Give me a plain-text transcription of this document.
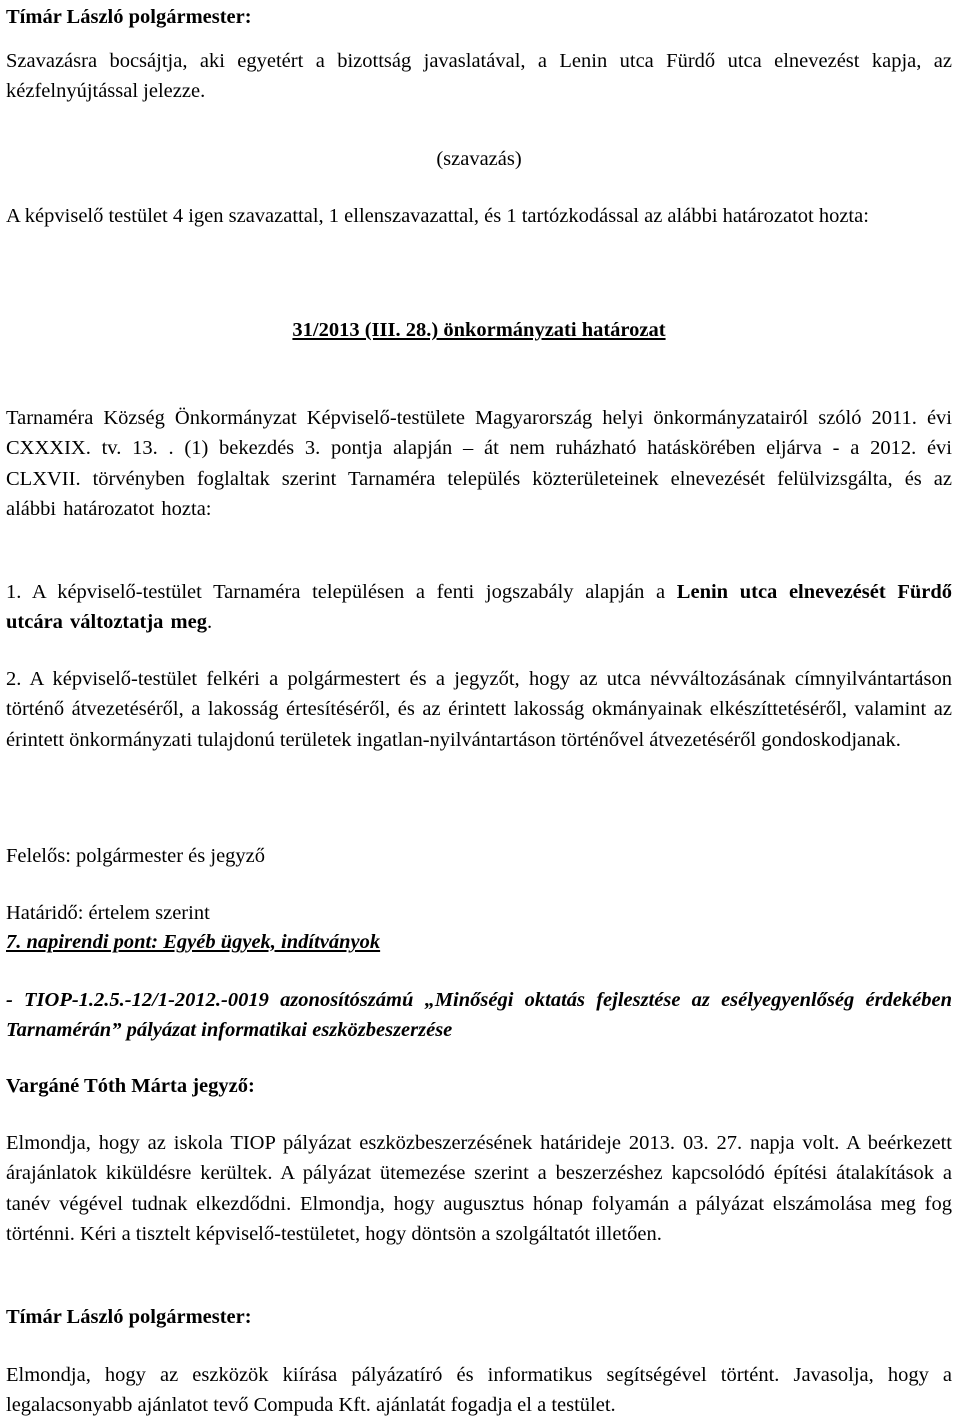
Tímár László polgármester:

Szavazásra bocsájtja, aki egyetért a bizottság javaslatával, a Lenin utca Fürdő utca elnevezést kapja, az kézfelnyújtással jelezze.

(szavazás)

A képviselő testület 4 igen szavazattal, 1 ellenszavazattal, és 1 tartózkodással az alábbi határozatot hozta:

31/2013 (III. 28.) önkormányzati határozat

Tarnaméra Község Önkormányzat Képviselő-testülete Magyarország helyi önkormányzatairól szóló 2011. évi CXXXIX. tv. 13. . (1) bekezdés 3. pontja alapján – át nem ruházható hatáskörében eljárva - a 2012. évi CLXVII. törvényben foglaltak szerint Tarnaméra település közterületeinek elnevezését felülvizsgálta, és az alábbi határozatot hozta:

1. A képviselő-testület Tarnaméra településen a fenti jogszabály alapján a Lenin utca elnevezését Fürdő utcára változtatja meg.

2. A képviselő-testület felkéri a polgármestert és a jegyzőt, hogy az utca névváltozásának címnyilvántartáson történő átvezetéséről, a lakosság értesítéséről, és az érintett lakosság okmányainak elkészíttetéséről, valamint az érintett önkormányzati tulajdonú területek ingatlan-nyilvántartáson történővel átvezetéséről gondoskodjanak.

Felelős: polgármester és jegyző

Határidő: értelem szerint

7. napirendi pont: Egyéb ügyek, indítványok

- TIOP-1.2.5.-12/1-2012.-0019 azonosítószámú „Minőségi oktatás fejlesztése az esélyegyenlőség érdekében Tarnamérán” pályázat informatikai eszközbeszerzése

Vargáné Tóth Márta jegyző:

Elmondja, hogy az iskola TIOP pályázat eszközbeszerzésének határideje 2013. 03. 27. napja volt. A beérkezett árajánlatok kiküldésre kerültek. A pályázat ütemezése szerint a beszerzéshez kapcsolódó építési átalakítások a tanév végével tudnak elkezdődni. Elmondja, hogy augusztus hónap folyamán a pályázat elszámolása meg fog történni. Kéri a tisztelt képviselő-testületet, hogy döntsön a szolgáltatót illetően.

Tímár László polgármester:

Elmondja, hogy az eszközök kiírása pályázatíró és informatikus segítségével történt. Javasolja, hogy a legalacsonyabb ajánlatot tevő Compuda Kft. ajánlatát fogadja el a testület.
